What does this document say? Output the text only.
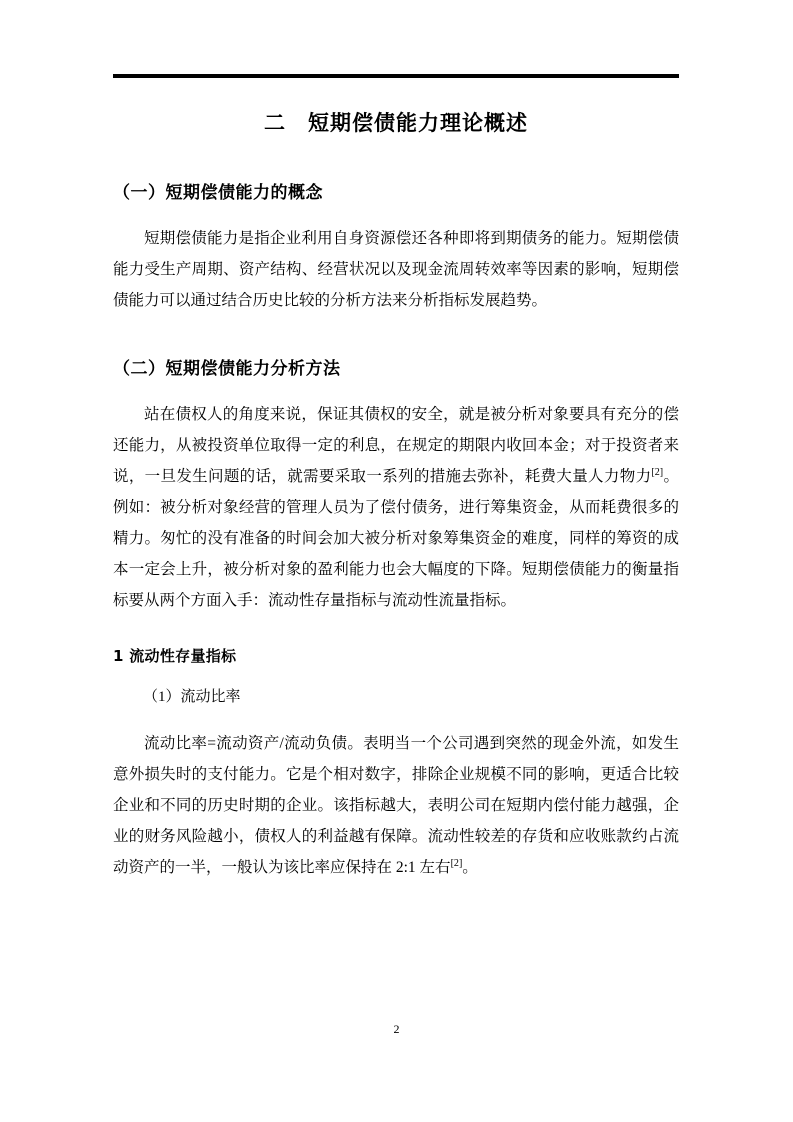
二　短期偿债能力理论概述
（一）短期偿债能力的概念

短期偿债能力是指企业利用自身资源偿还各种即将到期债务的能力。短期偿债能力受生产周期、资产结构、经营状况以及现金流周转效率等因素的影响，短期偿债能力可以通过结合历史比较的分析方法来分析指标发展趋势。

（二）短期偿债能力分析方法

站在债权人的角度来说，保证其债权的安全，就是被分析对象要具有充分的偿还能力，从被投资单位取得一定的利息，在规定的期限内收回本金；对于投资者来说，一旦发生问题的话，就需要采取一系列的措施去弥补，耗费大量人力物力[2]。例如：被分析对象经营的管理人员为了偿付债务，进行筹集资金，从而耗费很多的精力。匆忙的没有准备的时间会加大被分析对象筹集资金的难度，同样的筹资的成本一定会上升，被分析对象的盈利能力也会大幅度的下降。短期偿债能力的衡量指标要从两个方面入手：流动性存量指标与流动性流量指标。

1 流动性存量指标

（1）流动比率

流动比率=流动资产/流动负债。表明当一个公司遇到突然的现金外流，如发生意外损失时的支付能力。它是个相对数字，排除企业规模不同的影响，更适合比较企业和不同的历史时期的企业。该指标越大，表明公司在短期内偿付能力越强，企业的财务风险越小，债权人的利益越有保障。流动性较差的存货和应收账款约占流动资产的一半，一般认为该比率应保持在 2:1 左右[2]。

2
